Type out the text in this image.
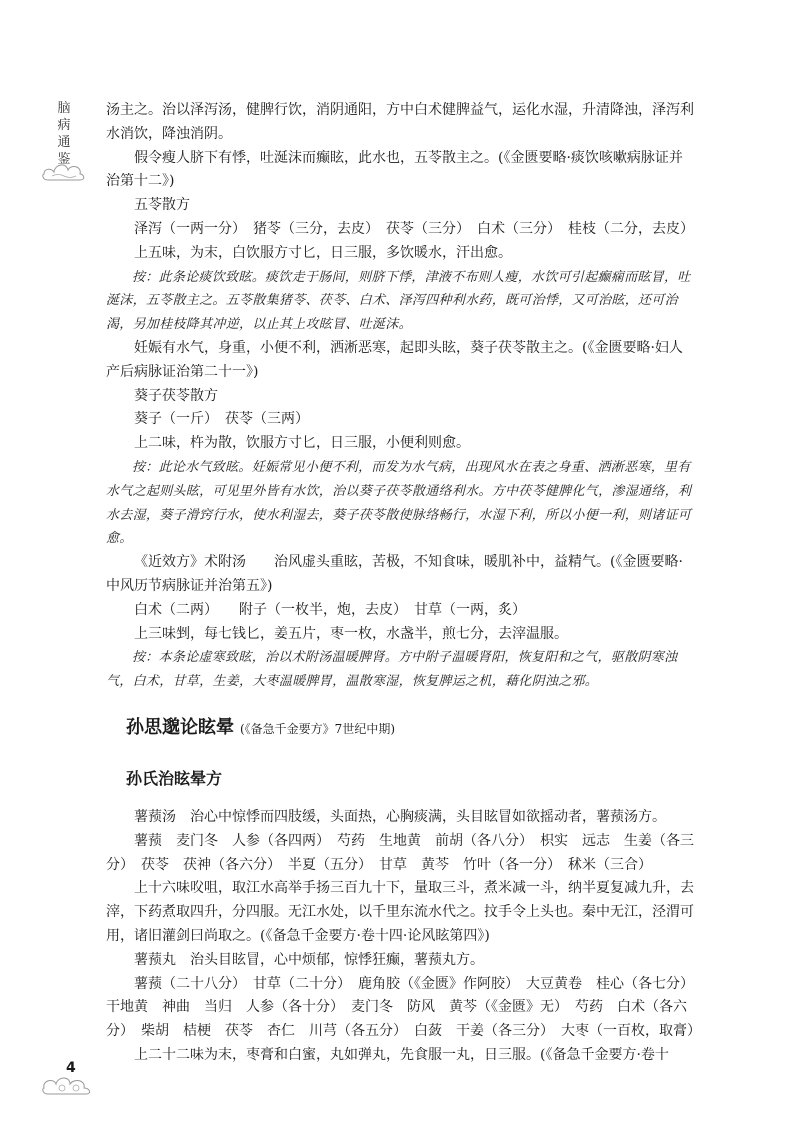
脑
病
通
鉴

汤主之。治以泽泻汤，健脾行饮，消阴通阳，方中白术健脾益气，运化水湿，升清降浊，泽泻利水消饮，降浊消阴。

假令瘦人脐下有悸，吐涎沫而癫眩，此水也，五苓散主之。(《金匮要略·痰饮咳嗽病脉证并治第十二》)

五苓散方

泽泻（一两一分）　猪苓（三分，去皮）　茯苓（三分）　白术（三分）　桂枝（二分，去皮）

上五味，为末，白饮服方寸匕，日三服，多饮暖水，汗出愈。

按：此条论痰饮致眩。痰饮走于肠间，则脐下悸，津液不布则人瘦，水饮可引起癫痫而眩冒，吐涎沫，五苓散主之。五苓散集猪苓、茯苓、白术、泽泻四种利水药，既可治悸，又可治眩，还可治渴，另加桂枝降其冲逆，以止其上攻眩冒、吐涎沫。

妊娠有水气，身重，小便不利，洒淅恶寒，起即头眩，葵子茯苓散主之。(《金匮要略·妇人产后病脉证治第二十一》)

葵子茯苓散方

葵子（一斤）　茯苓（三两）

上二味，杵为散，饮服方寸匕，日三服，小便利则愈。

按：此论水气致眩。妊娠常见小便不利，而发为水气病，出现风水在表之身重、洒淅恶寒，里有水气之起则头眩，可见里外皆有水饮，治以葵子茯苓散通络利水。方中茯苓健脾化气，渗湿通络，利水去湿，葵子滑窍行水，使水利湿去，葵子茯苓散使脉络畅行，水湿下利，所以小便一利，则诸证可愈。

《近效方》术附汤　　治风虚头重眩，苦极，不知食味，暖肌补中，益精气。(《金匮要略·中风历节病脉证并治第五》)

白术（二两）　　附子（一枚半，炮，去皮）　甘草（一两，炙）

上三味剉，每七钱匕，姜五片，枣一枚，水盏半，煎七分，去滓温服。

按：本条论虚寒致眩，治以术附汤温暖脾肾。方中附子温暖肾阳，恢复阳和之气，驱散阴寒浊气，白术，甘草，生姜，大枣温暖脾胃，温散寒湿，恢复脾运之机，藉化阴浊之邪。

孙思邈论眩晕 (《备急千金要方》7世纪中期)
孙氏治眩晕方

薯蓣汤　治心中惊悸而四肢缓，头面热，心胸痰满，头目眩冒如欲摇动者，薯蓣汤方。

薯蓣　麦门冬　人参（各四两）　芍药　生地黄　前胡（各八分）　枳实　远志　生姜（各三分）　茯苓　茯神（各六分）　半夏（五分）　甘草　黄芩　竹叶（各一分）　秫米（三合）

上十六味㕮咀，取江水高举手扬三百九十下，量取三斗，煮米减一斗，纳半夏复减九升，去滓，下药煮取四升，分四服。无江水处，以千里东流水代之。抆手令上头也。秦中无江，泾渭可用，诸旧灌剑曰尚取之。(《备急千金要方·卷十四·论风眩第四》)

薯蓣丸　治头目眩冒，心中烦郁，惊悸狂癫，薯蓣丸方。

薯蓣（二十八分）　甘草（二十分）　鹿角胶（《金匮》作阿胶）　大豆黄卷　桂心（各七分）干地黄　神曲　当归　人参（各十分）　麦门冬　防风　黄芩（《金匮》无）　芍药　白术（各六分）　柴胡　桔梗　茯苓　杏仁　川芎（各五分）　白蔹　干姜（各三分）　大枣（一百枚，取膏）

上二十二味为末，枣膏和白蜜，丸如弹丸，先食服一丸，日三服。(《备急千金要方·卷十

4
